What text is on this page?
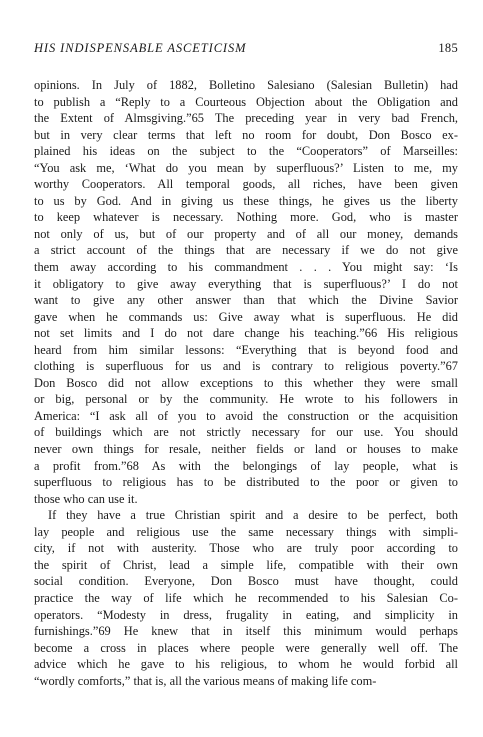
HIS INDISPENSABLE ASCETICISM	185
opinions. In July of 1882, Bolletino Salesiano (Salesian Bulletin) had
to publish a “Reply to a Courteous Objection about the Obligation and
the Extent of Almsgiving.”65 The preceding year in very bad French,
but in very clear terms that left no room for doubt, Don Bosco ex-
plained his ideas on the subject to the “Cooperators” of Marseilles:
“You ask me, ‘What do you mean by superfluous?’ Listen to me, my
worthy Cooperators. All temporal goods, all riches, have been given
to us by God. And in giving us these things, he gives us the liberty
to keep whatever is necessary. Nothing more. God, who is master
not only of us, but of our property and of all our money, demands
a strict account of the things that are necessary if we do not give
them away according to his commandment . . . You might say: ‘Is
it obligatory to give away everything that is superfluous?’ I do not
want to give any other answer than that which the Divine Savior
gave when he commands us: Give away what is superfluous. He did
not set limits and I do not dare change his teaching.”66 His religious
heard from him similar lessons: “Everything that is beyond food and
clothing is superfluous for us and is contrary to religious poverty.”67
Don Bosco did not allow exceptions to this whether they were small
or big, personal or by the community. He wrote to his followers in
America: “I ask all of you to avoid the construction or the acquisition
of buildings which are not strictly necessary for our use. You should
never own things for resale, neither fields or land or houses to make
a profit from.”68 As with the belongings of lay people, what is
superfluous to religious has to be distributed to the poor or given to
those who can use it.
If they have a true Christian spirit and a desire to be perfect, both
lay people and religious use the same necessary things with simpli-
city, if not with austerity. Those who are truly poor according to
the spirit of Christ, lead a simple life, compatible with their own
social condition. Everyone, Don Bosco must have thought, could
practice the way of life which he recommended to his Salesian Co-
operators. “Modesty in dress, frugality in eating, and simplicity in
furnishings.”69 He knew that in itself this minimum would perhaps
become a cross in places where people were generally well off. The
advice which he gave to his religious, to whom he would forbid all
“wordly comforts,” that is, all the various means of making life com-
